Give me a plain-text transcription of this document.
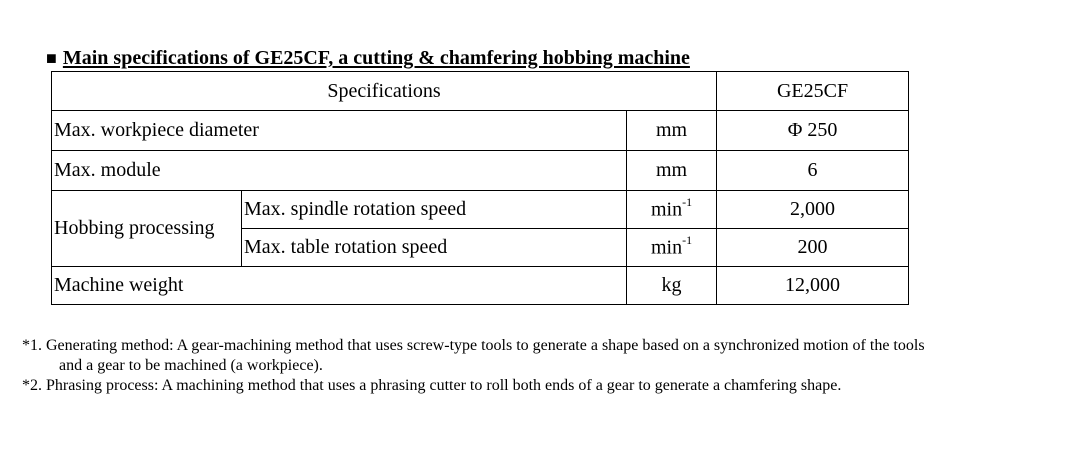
■ Main specifications of GE25CF, a cutting & chamfering hobbing machine
Specifications			GE25CF
Max. workpiece diameter		mm	Φ 250
Max. module		mm	6
Hobbing processing	Max. spindle rotation speed	$\min^{-1}$	2,000
	Max. table rotation speed	$\min^{-1}$	200
Machine weight		kg	12,000

*1. Generating method: A gear-machining method that uses screw-type tools to generate a shape based on a synchronized motion of the tools
and a gear to be machined (a workpiece).

*2. Phrasing process: A machining method that uses a phrasing cutter to roll both ends of a gear to generate a chamfering shape.
